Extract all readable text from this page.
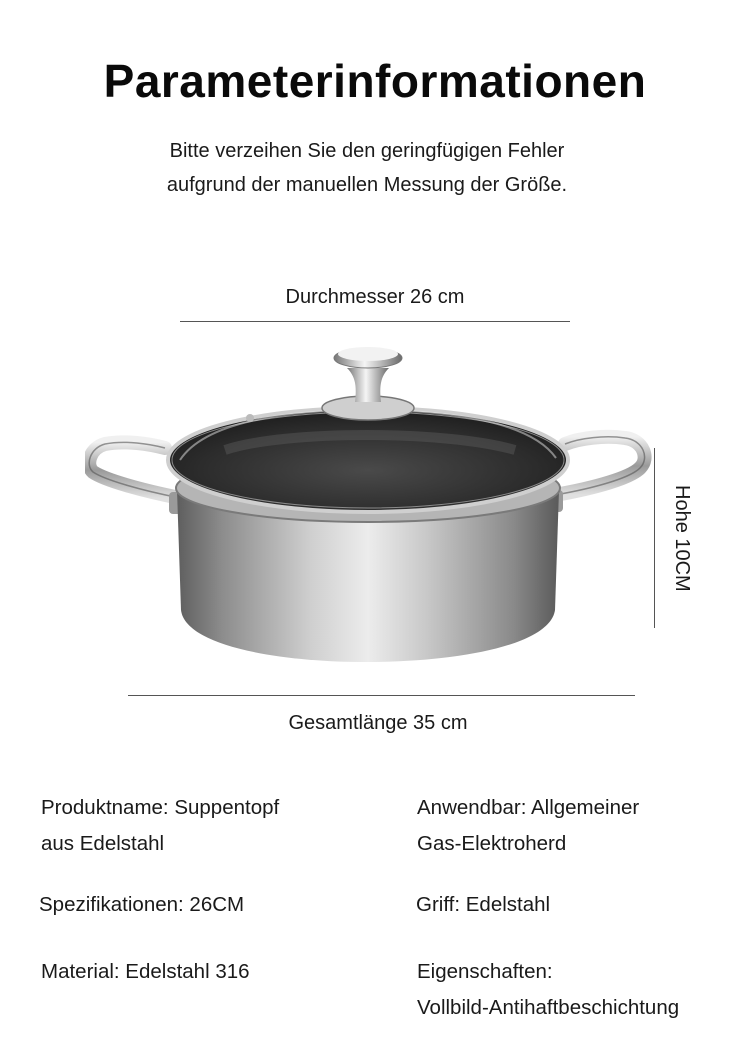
Parameterinformationen
Bitte verzeihen Sie den geringfügigen Fehler
aufgrund der manuellen Messung der Größe.
Durchmesser 26 cm
Hohe 10CM
Gesamtlänge 35 cm
Produktname: Suppentopf
aus Edelstahl
Anwendbar: Allgemeiner
Gas-Elektroherd
Spezifikationen: 26CM	Griff: Edelstahl
Material: Edelstahl 316	Eigenschaften:
Vollbild-Antihaftbeschichtung
